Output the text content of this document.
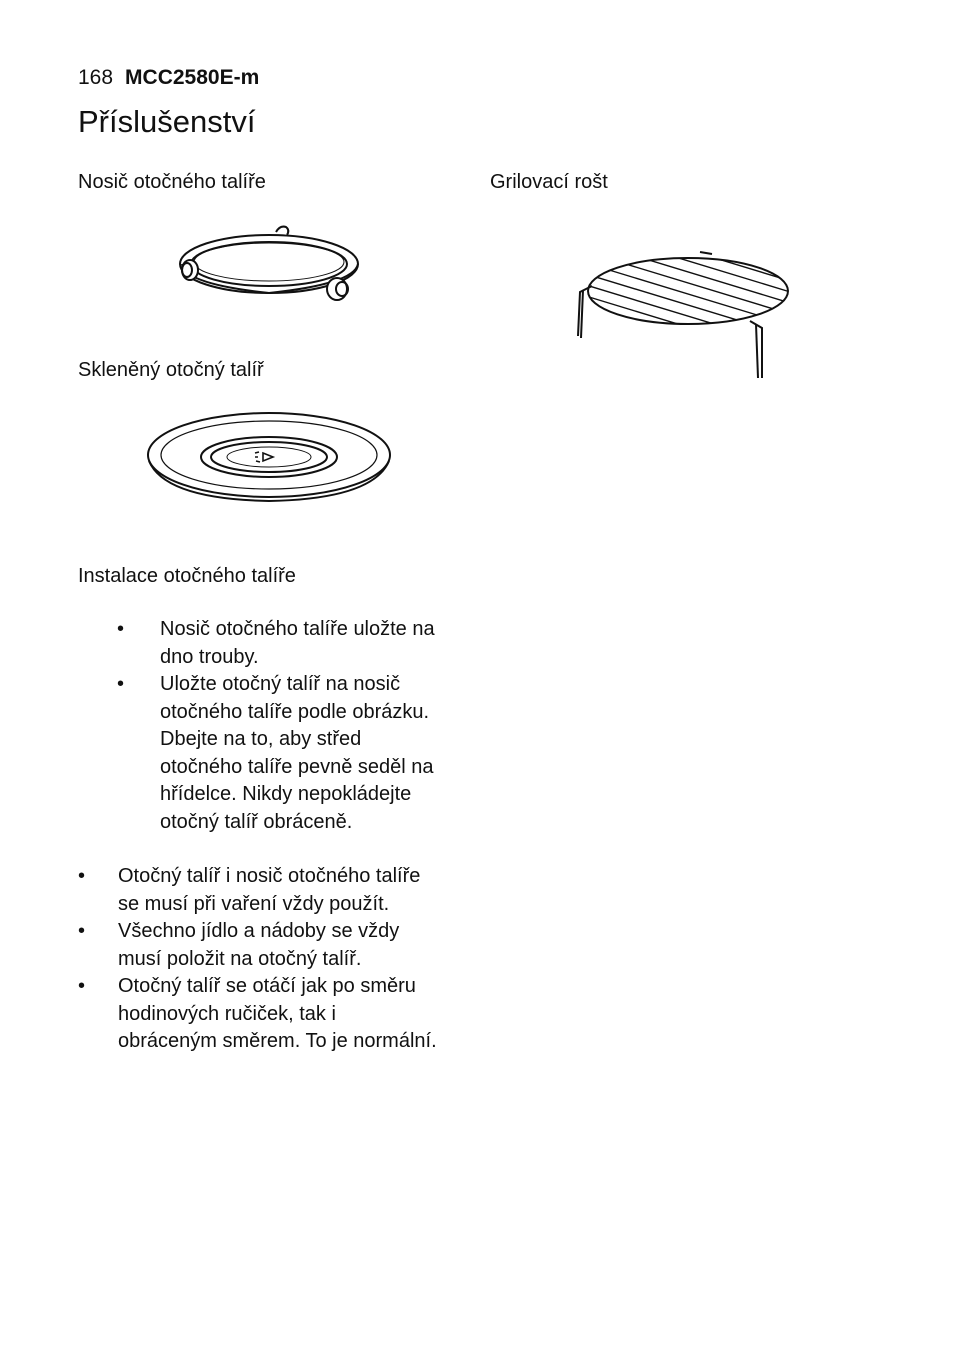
168 MCC2580E-m
Příslušenství
Nosič otočného talíře	Grilovací rošt
Skleněný otočný talíř
Instalace otočného talíře
• Nosič otočného talíře uložte na
dno trouby.
• Uložte otočný talíř na nosič
otočného talíře podle obrázku.
Dbejte na to, aby střed
otočného talíře pevně seděl na
hřídelce. Nikdy nepokládejte
otočný talíř obráceně.
• Otočný talíř i nosič otočného talíře
se musí při vaření vždy použít.
• Všechno jídlo a nádoby se vždy
musí položit na otočný talíř.
• Otočný talíř se otáčí jak po směru
hodinových ručiček, tak i
obráceným směrem. To je normální.
